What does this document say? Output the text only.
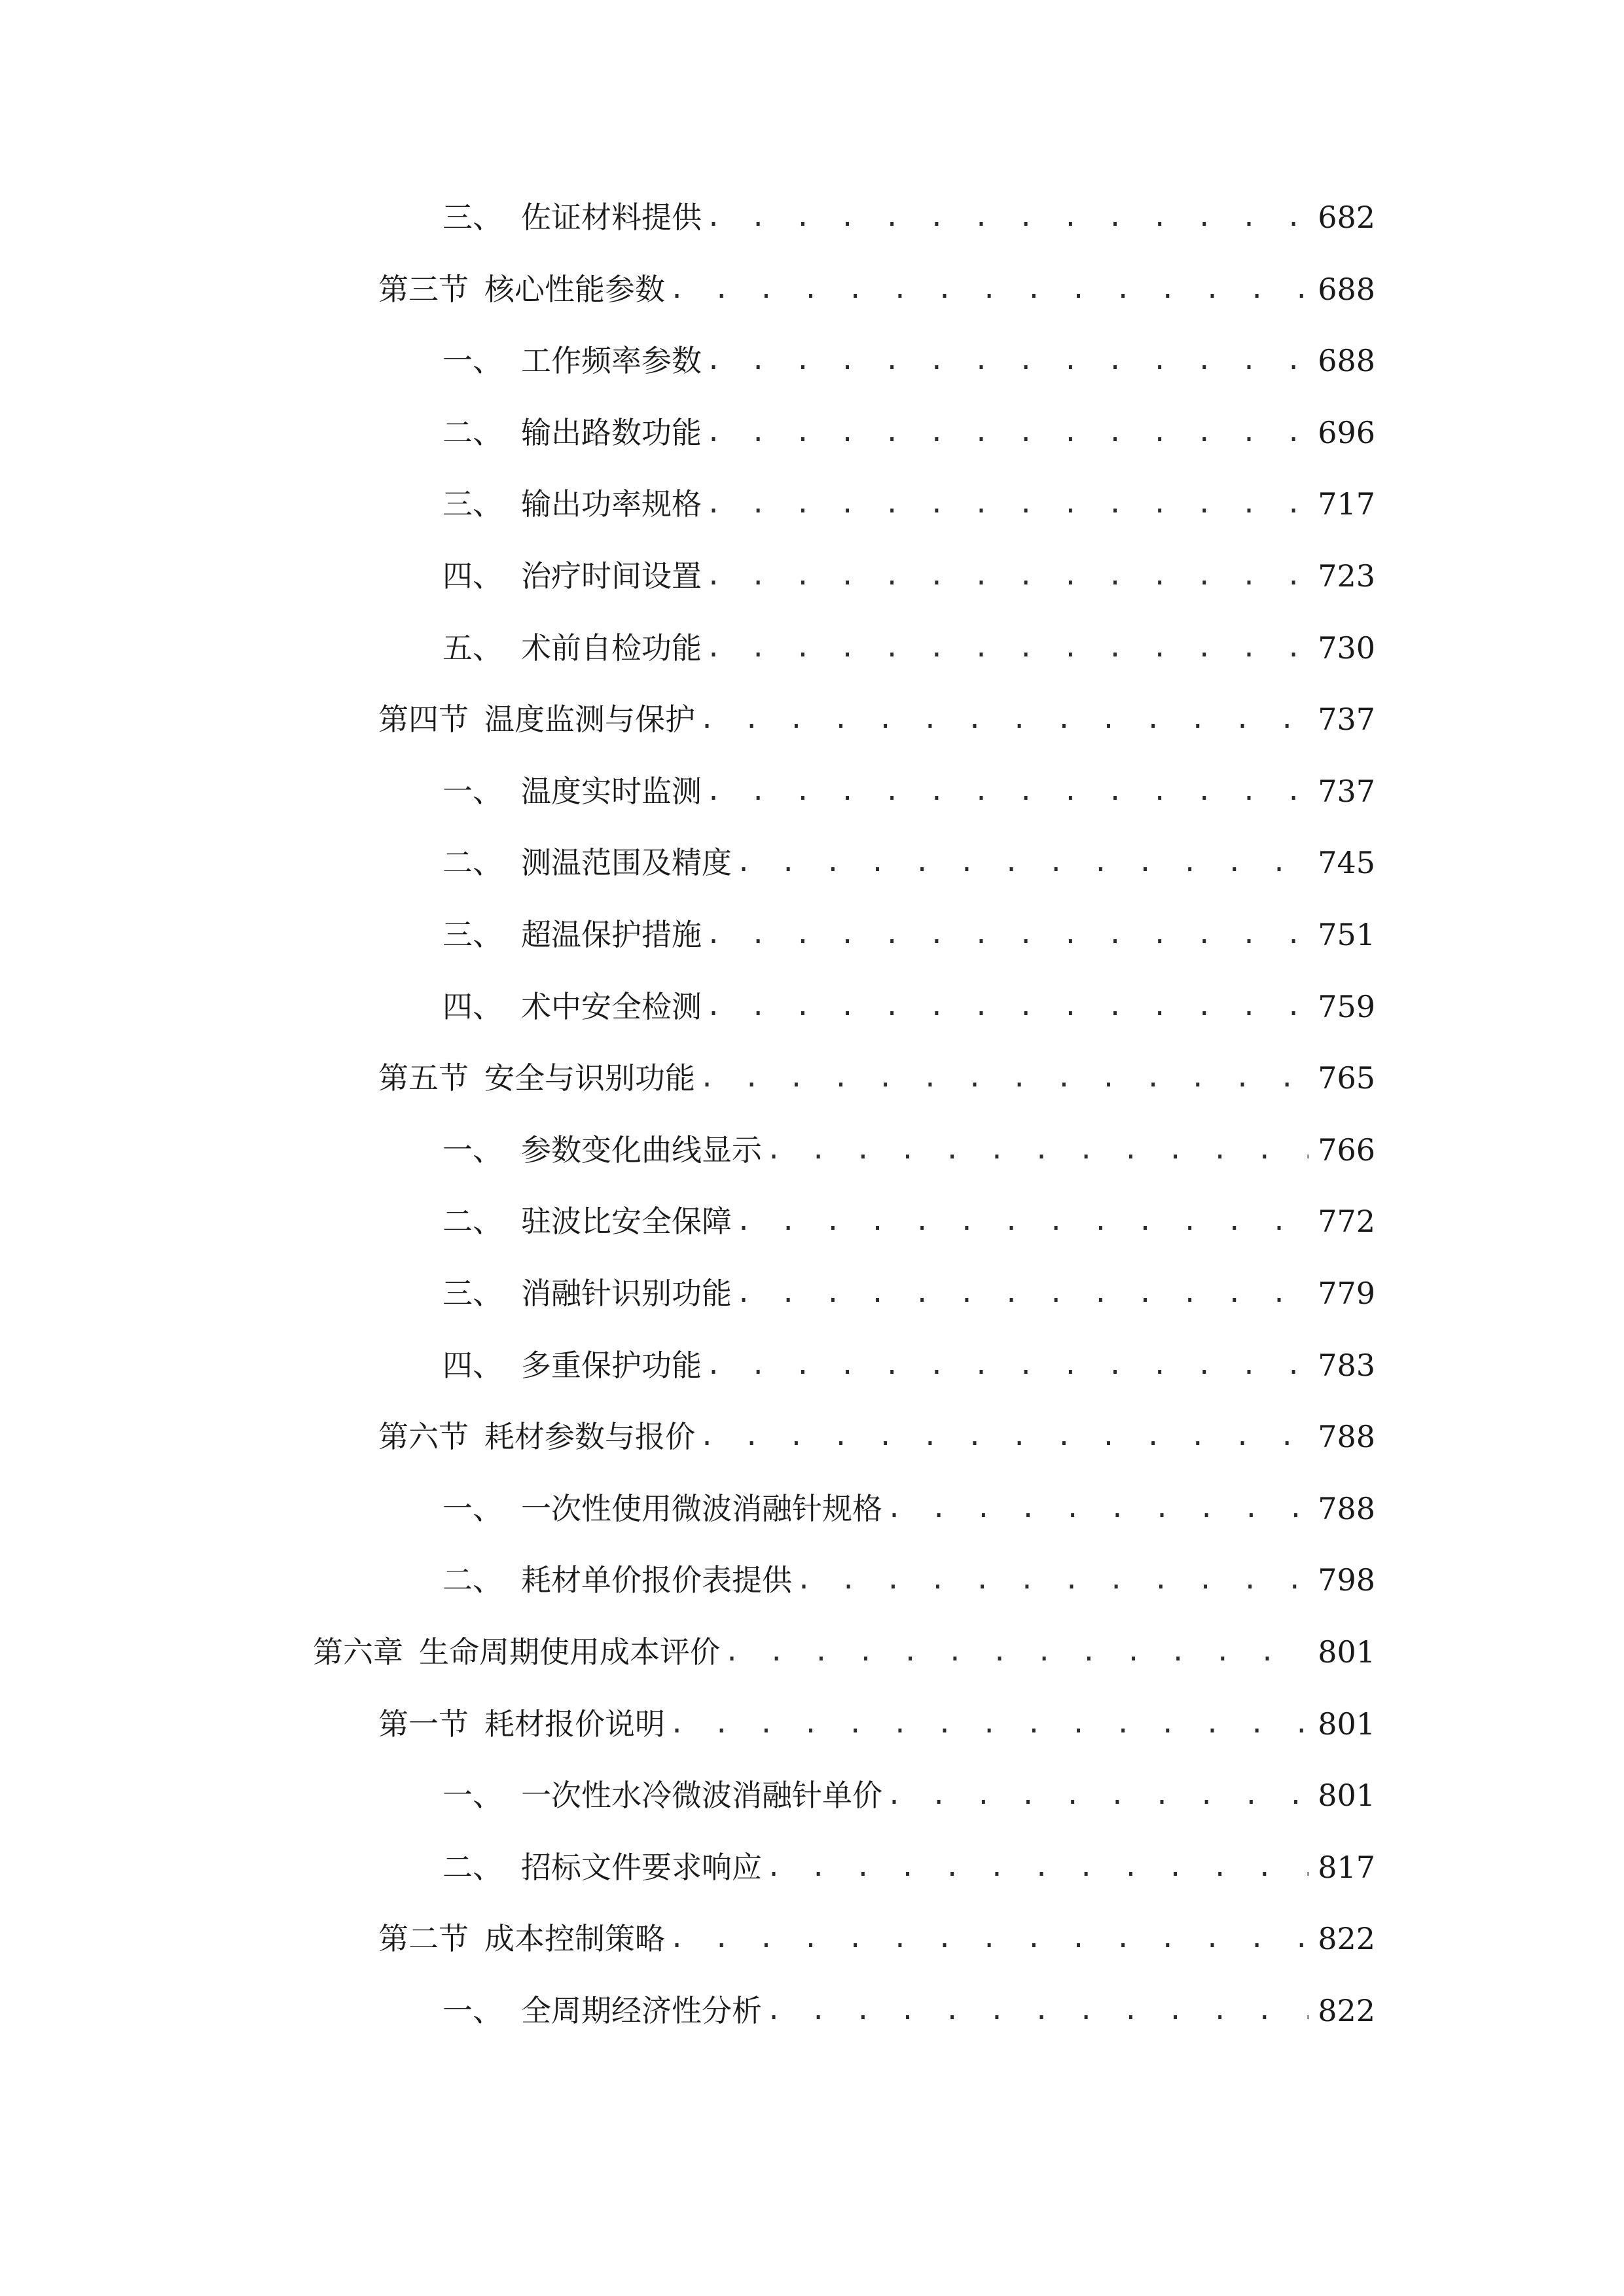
三、 佐证材料提供 . . .	682
第三节 核心性能参数 . . .	688
一、 工作频率参数 . . .	688
二、 输出路数功能 . . .	696
三、 输出功率规格 . . .	717
四、 治疗时间设置 . . .	723
五、 术前自检功能 . . .	730
第四节 温度监测与保护 . . .	737
一、 温度实时监测 . . .	737
二、 测温范围及精度 . . .	745
三、 超温保护措施 . . .	751
四、 术中安全检测 . . .	759
第五节 安全与识别功能 . . .	765
一、 参数变化曲线显示 . . .	766
二、 驻波比安全保障 . . .	772
三、 消融针识别功能 . . .	779
四、 多重保护功能 . . .	783
第六节 耗材参数与报价 . . .	788
一、 一次性使用微波消融针规格 . . .	788
二、 耗材单价报价表提供 . . .	798
第六章 生命周期使用成本评价 . . .	801
第一节 耗材报价说明 . . .	801
一、 一次性水冷微波消融针单价 . . .	801
二、 招标文件要求响应 . . .	817
第二节 成本控制策略 . . .	822
一、 全周期经济性分析 . . .	822
